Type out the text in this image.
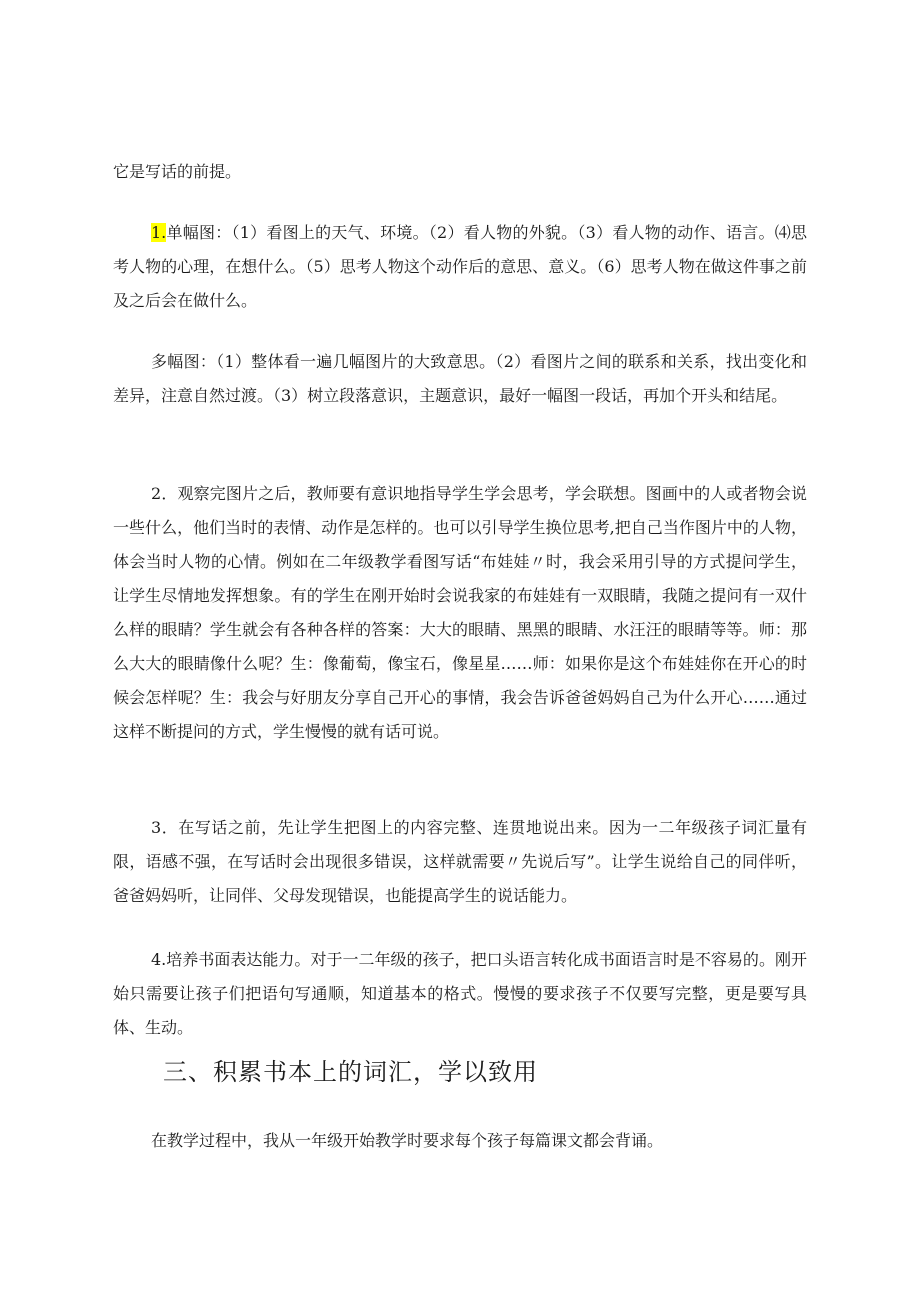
它是写话的前提。

1.单幅图：（1）看图上的天气、环境。（2）看人物的外貌。（3）看人物的动作、语言。⑷思考人物的心理，在想什么。（5）思考人物这个动作后的意思、意义。（6）思考人物在做这件事之前及之后会在做什么。

多幅图：（1）整体看一遍几幅图片的大致意思。（2）看图片之间的联系和关系，找出变化和差异，注意自然过渡。（3）树立段落意识，主题意识，最好一幅图一段话，再加个开头和结尾。

2．观察完图片之后，教师要有意识地指导学生学会思考，学会联想。图画中的人或者物会说一些什么，他们当时的表情、动作是怎样的。也可以引导学生换位思考,把自己当作图片中的人物，体会当时人物的心情。例如在二年级教学看图写话“布娃娃〃时，我会采用引导的方式提问学生，让学生尽情地发挥想象。有的学生在刚开始时会说我家的布娃娃有一双眼睛，我随之提问有一双什么样的眼睛？学生就会有各种各样的答案：大大的眼睛、黑黑的眼睛、水汪汪的眼睛等等。师：那么大大的眼睛像什么呢？生：像葡萄，像宝石，像星星……师：如果你是这个布娃娃你在开心的时候会怎样呢？生：我会与好朋友分享自己开心的事情，我会告诉爸爸妈妈自己为什么开心……通过这样不断提问的方式，学生慢慢的就有话可说。

3．在写话之前，先让学生把图上的内容完整、连贯地说出来。因为一二年级孩子词汇量有限，语感不强，在写话时会出现很多错误，这样就需要〃先说后写”。让学生说给自己的同伴听，爸爸妈妈听，让同伴、父母发现错误，也能提高学生的说话能力。

4.培养书面表达能力。对于一二年级的孩子，把口头语言转化成书面语言时是不容易的。刚开始只需要让孩子们把语句写通顺，知道基本的格式。慢慢的要求孩子不仅要写完整，更是要写具体、生动。

三、积累书本上的词汇，学以致用

在教学过程中，我从一年级开始教学时要求每个孩子每篇课文都会背诵。
